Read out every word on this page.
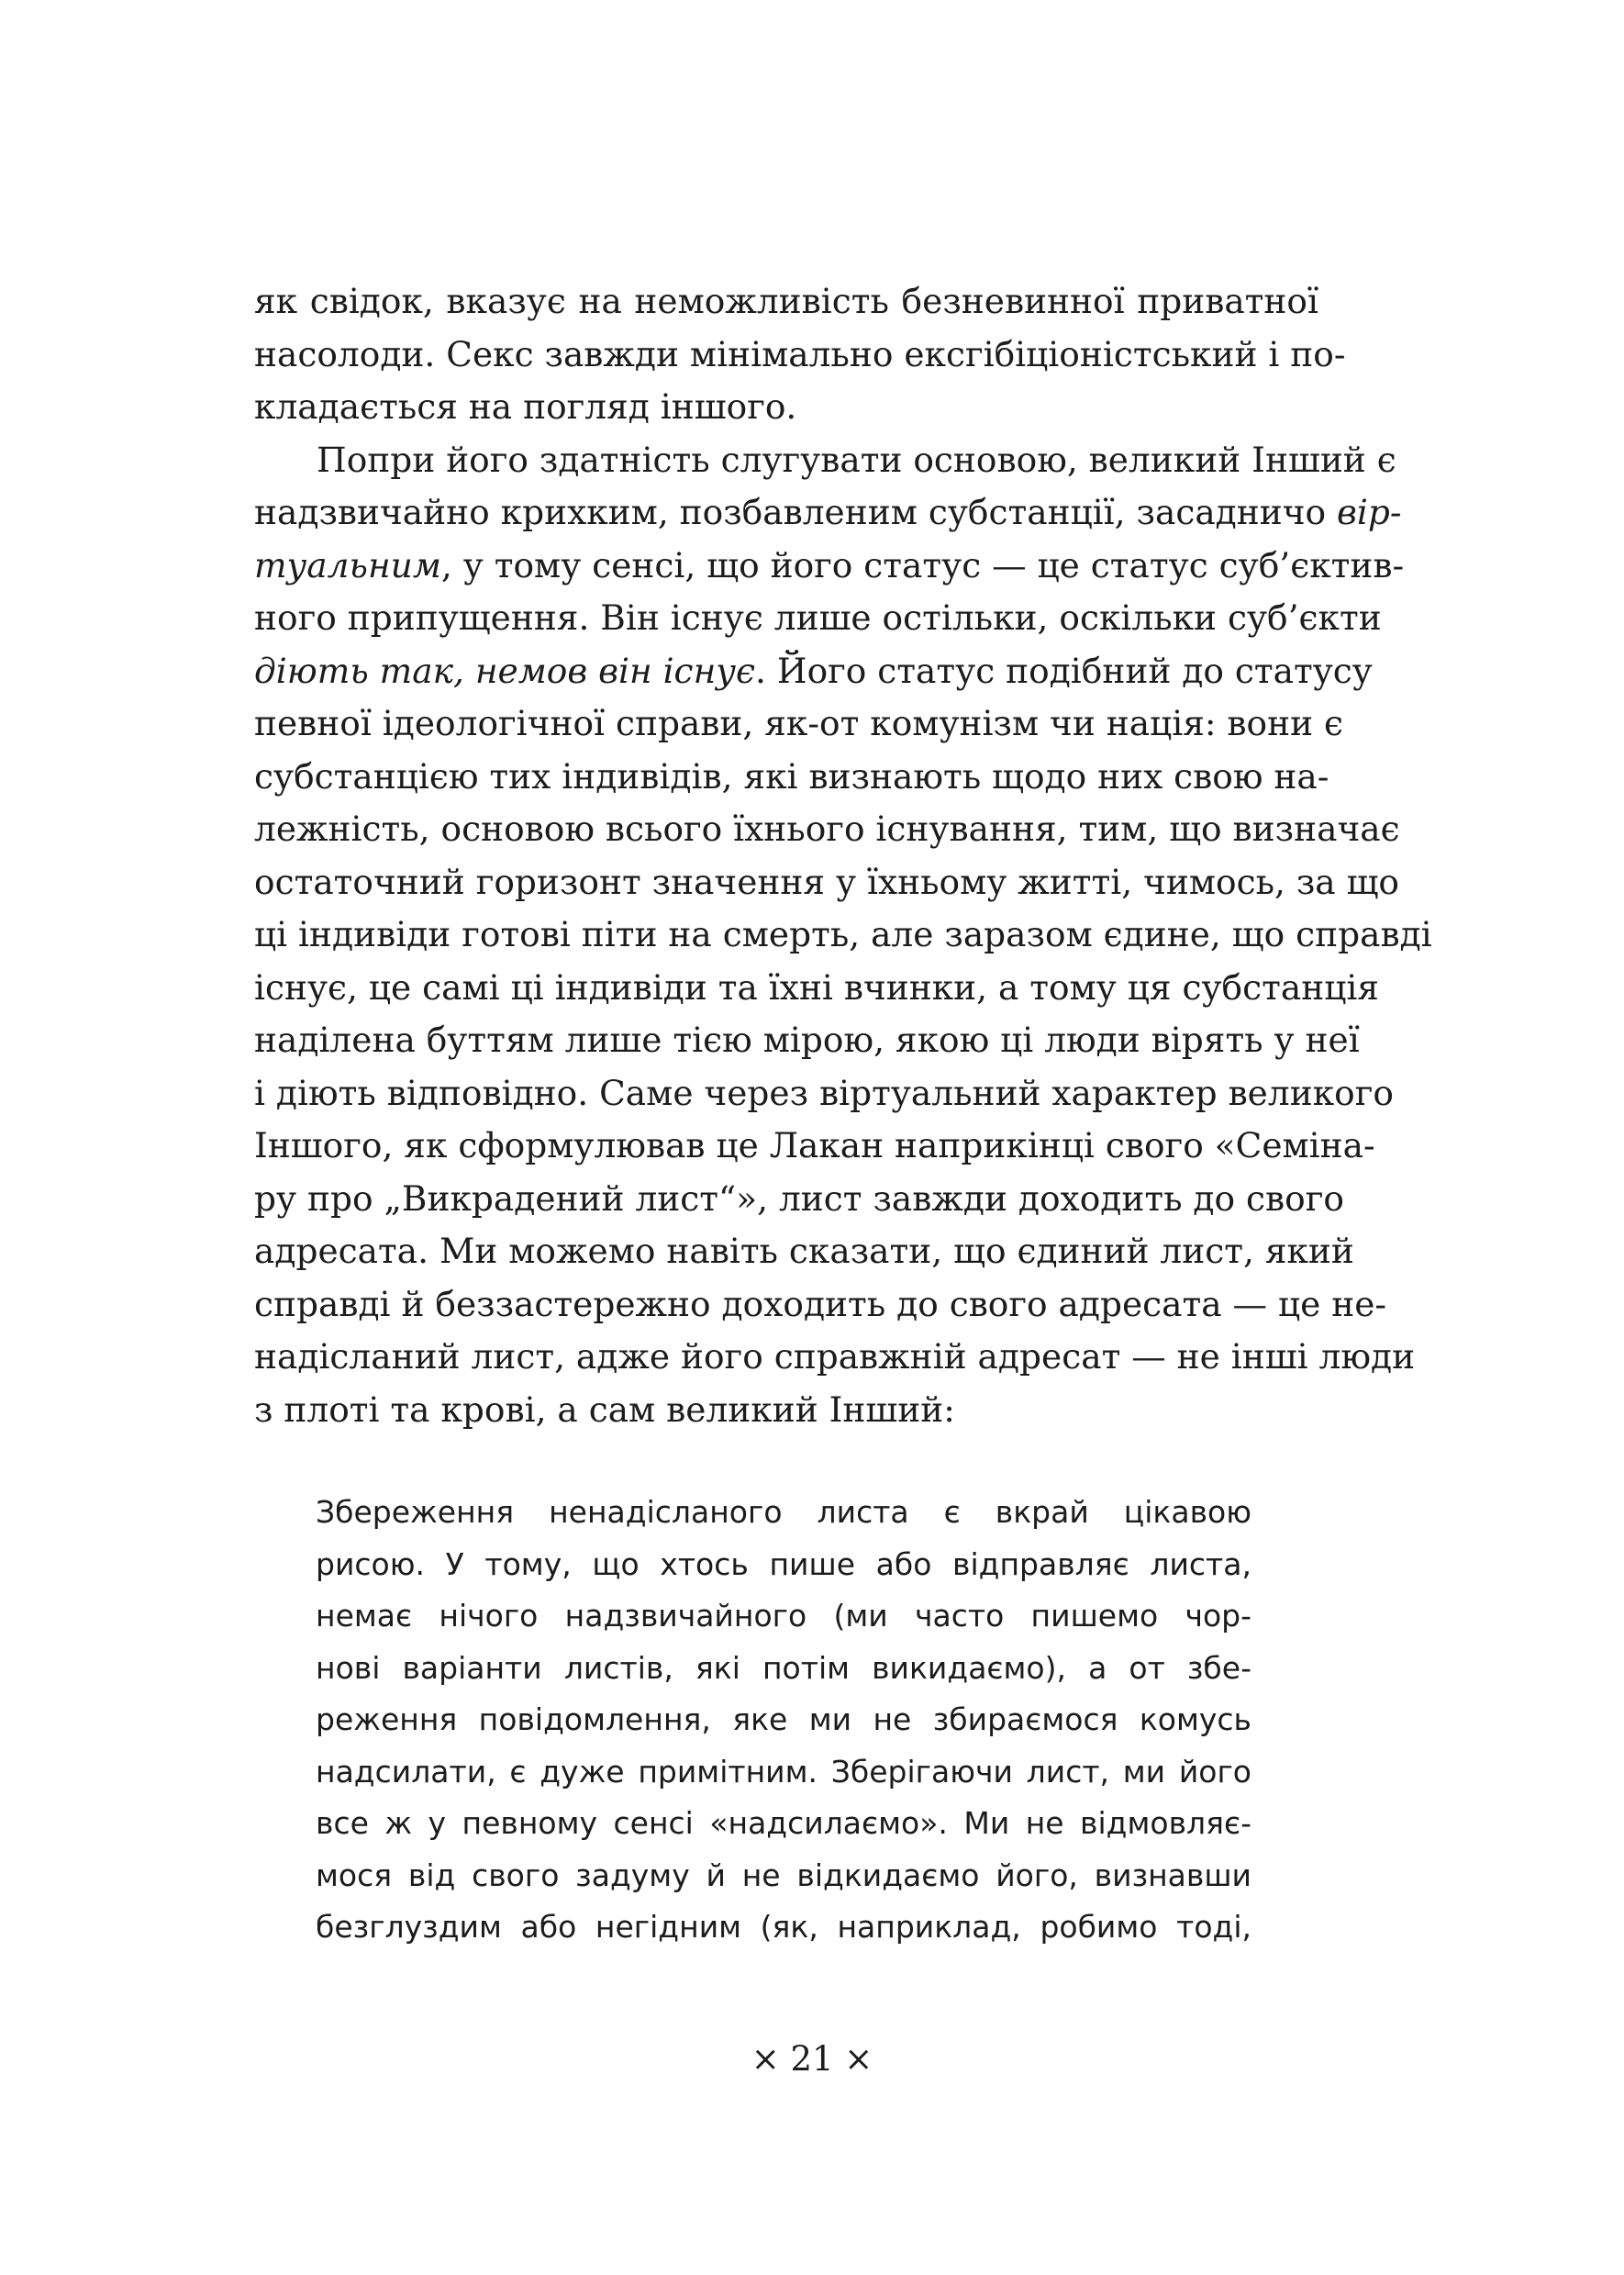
як свідок, вказує на неможливість безневинної приватної
насолоди. Секс завжди мінімально ексгібіціоністський і по-
кладається на погляд іншого.
Попри його здатність слугувати основою, великий Інший є
надзвичайно крихким, позбавленим субстанції, засадничо вір-
туальним, у тому сенсі, що його статус — це статус суб’єктив-
ного припущення. Він існує лише остільки, оскільки суб’єкти
діють так, немов він існує. Його статус подібний до статусу
певної ідеологічної справи, як-от комунізм чи нація: вони є
субстанцією тих індивідів, які визнають щодо них свою на-
лежність, основою всього їхнього існування, тим, що визначає
остаточний горизонт значення у їхньому житті, чимось, за що
ці індивіди готові піти на смерть, але заразом єдине, що справді
існує, це самі ці індивіди та їхні вчинки, а тому ця субстанція
наділена буттям лише тією мірою, якою ці люди вірять у неї
і діють відповідно. Саме через віртуальний характер великого
Іншого, як сформулював це Лакан наприкінці свого «Семіна-
ру про „Викрадений лист“», лист завжди доходить до свого
адресата. Ми можемо навіть сказати, що єдиний лист, який
справді й беззастережно доходить до свого адресата — це не-
надісланий лист, адже його справжній адресат — не інші люди
з плоті та крові, а сам великий Інший:
Збереження ненадісланого листа є вкрай цікавою
рисою. У тому, що хтось пише або відправляє листа,
немає нічого надзвичайного (ми часто пишемо чор-
нові варіанти листів, які потім викидаємо), а от збе-
реження повідомлення, яке ми не збираємося комусь
надсилати, є дуже примітним. Зберігаючи лист, ми його
все ж у певному сенсі «надсилаємо». Ми не відмовляє-
мося від свого задуму й не відкидаємо його, визнавши
безглуздим або негідним (як, наприклад, робимо тоді,
× 21 ×
